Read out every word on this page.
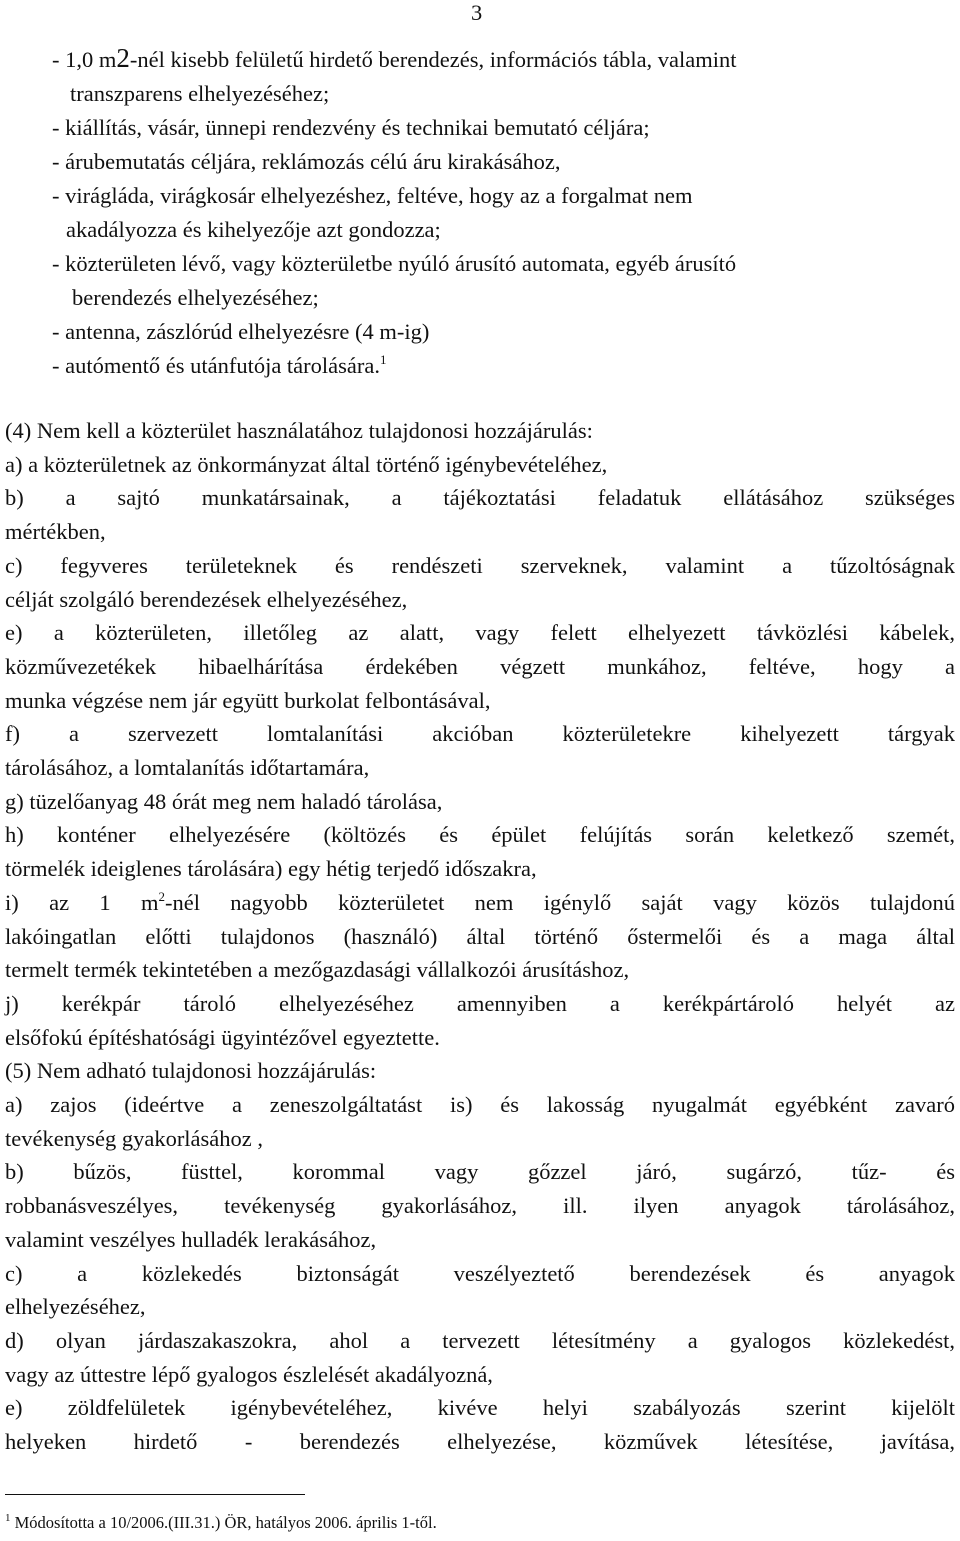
3
- 1,0 m2-nél kisebb felületű hirdető berendezés, információs tábla, valamint
transzparens elhelyezéséhez;
- kiállítás, vásár, ünnepi rendezvény és technikai bemutató céljára;
- árubemutatás céljára, reklámozás célú áru kirakásához,
- virágláda, virágkosár elhelyezéshez, feltéve, hogy az a forgalmat nem
akadályozza és kihelyezője azt gondozza;
- közterületen lévő, vagy közterületbe nyúló árusító automata, egyéb árusító
berendezés elhelyezéséhez;
- antenna, zászlórúd elhelyezésre (4 m-ig)
- autómentő és utánfutója tárolására.$^1$
(4) Nem kell a közterület használatához tulajdonosi hozzájárulás:
a) a közterületnek az önkormányzat által történő igénybevételéhez,
b) a sajtó munkatársainak, a tájékoztatási feladatuk ellátásához szükséges
mértékben,
c) fegyveres területeknek és rendészeti szerveknek, valamint a tűzoltóságnak
célját szolgáló berendezések elhelyezéséhez,
e) a közterületen, illetőleg az alatt, vagy felett elhelyezett távközlési kábelek,
közművezetékek hibaelhárítása érdekében végzett munkához, feltéve, hogy a
munka végzése nem jár együtt burkolat felbontásával,
f) a szervezett lomtalanítási akcióban közterületekre kihelyezett tárgyak
tárolásához, a lomtalanítás időtartamára,
g) tüzelőanyag 48 órát meg nem haladó tárolása,
h) konténer elhelyezésére (költözés és épület felújítás során keletkező szemét,
törmelék ideiglenes tárolására) egy hétig terjedő időszakra,
i) az 1 $m^2$-nél nagyobb közterületet nem igénylő saját vagy közös tulajdonú
lakóingatlan előtti tulajdonos (használó) által történő őstermelői és a maga által
termelt termék tekintetében a mezőgazdasági vállalkozói árusításhoz,
j) kerékpár tároló elhelyezéséhez amennyiben a kerékpártároló helyét az
elsőfokú építéshatósági ügyintézővel egyeztette.
(5) Nem adható tulajdonosi hozzájárulás:
a) zajos (ideértve a zeneszolgáltatást is) és lakosság nyugalmát egyébként zavaró
tevékenység gyakorlásához ,
b) bűzös, füsttel, korommal vagy gőzzel járó, sugárzó, tűz- és
robbanásveszélyes, tevékenység gyakorlásához, ill. ilyen anyagok tárolásához,
valamint veszélyes hulladék lerakásához,
c) a közlekedés biztonságát veszélyeztető berendezések és anyagok
elhelyezéséhez,
d) olyan járdaszakaszokra, ahol a tervezett létesítmény a gyalogos közlekedést,
vagy az úttestre lépő gyalogos észlelését akadályozná,
e) zöldfelületek igénybevételéhez, kivéve helyi szabályozás szerint kijelölt
helyeken hirdető - berendezés elhelyezése, közművek létesítése, javítása,
$^1$ Módosította a 10/2006.(III.31.) ÖR, hatályos 2006. április 1-től.
